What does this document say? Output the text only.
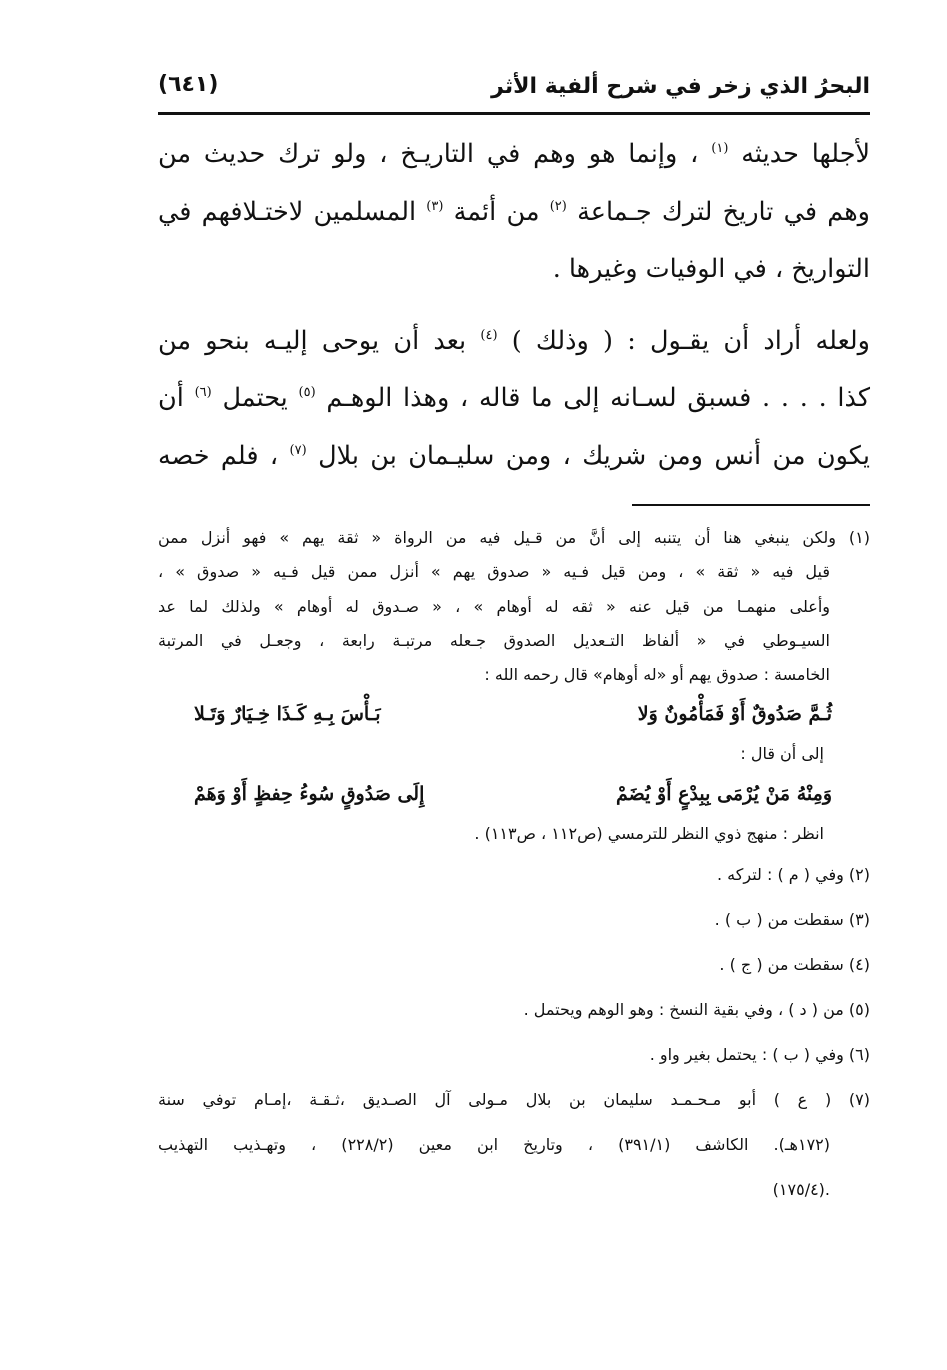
البحرُ الذي زخر في شرح ألفية الأثر
(٦٤١)
لأجلها حديثه $^{(١)}$ ، وإنما هو وهم في التاريـخ ، ولو ترك حديث من
وهم في تاريخ لترك جـماعة $^{(٢)}$ من أئمة $^{(٣)}$ المسلمين لاختـلافهم في
التواريخ ، في الوفيات وغيرها .
ولعله أراد أن يقـول : ( وذلك ) $^{(٤)}$ بعد أن يوحى إليـه بنحو من
كذا . . . . فسبق لسـانه إلى ما قاله ، وهذا الوهـم $^{(٥)}$ يحتمل $^{(٦)}$ أن
يكون من أنس ومن شريك ، ومن سليـمان بن بلال $^{(٧)}$ ، فلم خصه
(١) ولكن ينبغي هنا أن يتنبه إلى أنَّ من قـيل فيه من الرواة « ثقة يهم » فهو أنزل ممن
قيل فيه « ثقة » ، ومن قيل فـيه « صدوق يهم » أنزل ممن قيل فـيه « صدوق » ،
وأعلى منهمـا من قيل عنه « ثقه له أوهام » ، « صـدوق له أوهام » ولذلك لما عد
السيـوطي في « ألفاظ التـعديل الصدوق جـعله مرتبـة رابعة ، وجعـل في المرتبة
الخامسة : صدوق يهم أو «له أوهام» قال رحمه الله :
ثُـمَّ صَدُوقٌ أَوْ فَمَأْمُونٌ وَلا
بَـأْسَ بِـهِ كَـذَا خِـيَارٌ وَتَـلا
إلى أن قال :
وَمِنْهُ مَنْ يُرْمَى بِبِدْعٍ أَوْ يُضَمْ
إِلَى صَدُوقٍ سُوءُ حِفظٍ أَوْ وَهَمْ
انظر : منهج ذوي النظر للترمسي (ص١١٢ ، ص١١٣) .
(٢) وفي ( م ) : لتركه .
(٣) سقطت من ( ب ) .
(٤) سقطت من ( ج ) .
(٥) من ( د ) ، وفي بقية النسخ : وهو الوهم ويحتمل .
(٦) وفي ( ب ) : يحتمل بغير واو .
(٧) ( ع ) أبو مـحـمـد سليمان بن بلال مـولى آل الصـديق ،ثـقـة ،إمـام توفي سنة
(١٧٢هـ). الكاشف (٣٩١/١) ، وتاريخ ابن معين (٢٢٨/٢) ، وتهـذيب التهذيب
.(١٧٥/٤)
